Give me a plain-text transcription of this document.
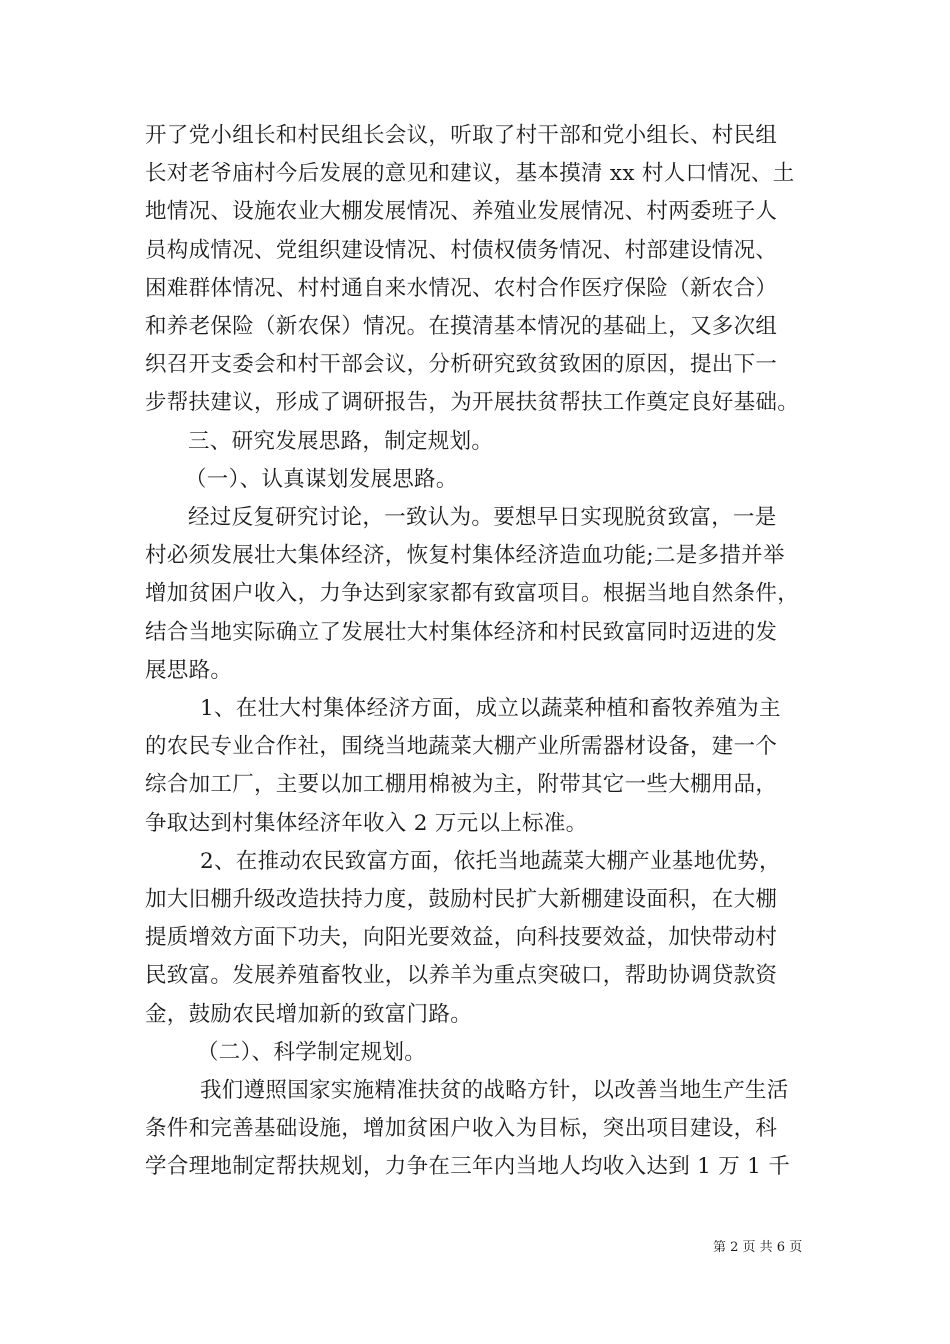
开了党小组长和村民组长会议，听取了村干部和党小组长、村民组
长对老爷庙村今后发展的意见和建议，基本摸清 xx 村人口情况、土
地情况、设施农业大棚发展情况、养殖业发展情况、村两委班子人
员构成情况、党组织建设情况、村债权债务情况、村部建设情况、
困难群体情况、村村通自来水情况、农村合作医疗保险（新农合）
和养老保险（新农保）情况。在摸清基本情况的基础上，又多次组
织召开支委会和村干部会议，分析研究致贫致困的原因，提出下一
步帮扶建议，形成了调研报告，为开展扶贫帮扶工作奠定良好基础。
三、研究发展思路，制定规划。
（一）、认真谋划发展思路。
经过反复研究讨论，一致认为。要想早日实现脱贫致富，一是
村必须发展壮大集体经济，恢复村集体经济造血功能;二是多措并举
增加贫困户收入，力争达到家家都有致富项目。根据当地自然条件，
结合当地实际确立了发展壮大村集体经济和村民致富同时迈进的发
展思路。
1、在壮大村集体经济方面，成立以蔬菜种植和畜牧养殖为主
的农民专业合作社，围绕当地蔬菜大棚产业所需器材设备，建一个
综合加工厂，主要以加工棚用棉被为主，附带其它一些大棚用品，
争取达到村集体经济年收入 2 万元以上标准。
2、在推动农民致富方面，依托当地蔬菜大棚产业基地优势，
加大旧棚升级改造扶持力度，鼓励村民扩大新棚建设面积，在大棚
提质增效方面下功夫，向阳光要效益，向科技要效益，加快带动村
民致富。发展养殖畜牧业，以养羊为重点突破口，帮助协调贷款资
金，鼓励农民增加新的致富门路。
（二）、科学制定规划。
我们遵照国家实施精准扶贫的战略方针，以改善当地生产生活
条件和完善基础设施，增加贫困户收入为目标，突出项目建设，科
学合理地制定帮扶规划，力争在三年内当地人均收入达到 1 万 1 千
第 2 页 共 6 页
